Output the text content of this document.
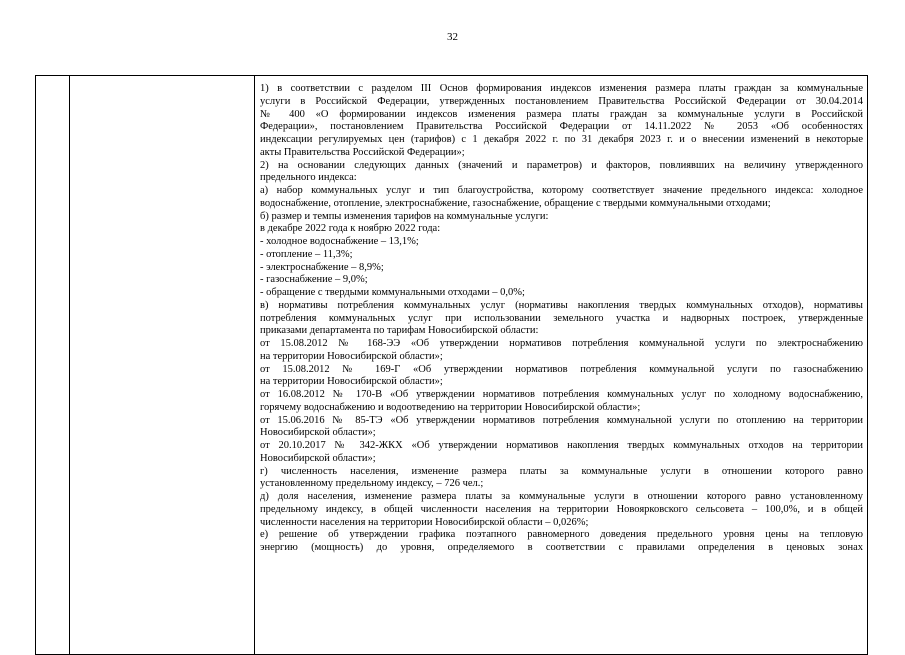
32
1) в соответствии с разделом III Основ формирования индексов изменения размера платы граждан за коммунальные
услуги в Российской Федерации, утвержденных постановлением Правительства Российской Федерации от 30.04.2014
№ 400 «О формировании индексов изменения размера платы граждан за коммунальные услуги в Российской
Федерации», постановлением Правительства Российской Федерации от 14.11.2022 № 2053 «Об особенностях
индексации регулируемых цен (тарифов) с 1 декабря 2022 г. по 31 декабря 2023 г. и о внесении изменений в некоторые
акты Правительства Российской Федерации»;
2) на основании следующих данных (значений и параметров) и факторов, повлиявших на величину утвержденного
предельного индекса:
а) набор коммунальных услуг и тип благоустройства, которому соответствует значение предельного индекса: холодное
водоснабжение, отопление, электроснабжение, газоснабжение, обращение с твердыми коммунальными отходами;
б) размер и темпы изменения тарифов на коммунальные услуги:
в декабре 2022 года к ноябрю 2022 года:
- холодное водоснабжение – 13,1%;
- отопление – 11,3%;
- электроснабжение – 8,9%;
- газоснабжение – 9,0%;
- обращение с твердыми коммунальными отходами – 0,0%;
в) нормативы потребления коммунальных услуг (нормативы накопления твердых коммунальных отходов), нормативы
потребления коммунальных услуг при использовании земельного участка и надворных построек, утвержденные
приказами департамента по тарифам Новосибирской области:
от 15.08.2012 № 168-ЭЭ «Об утверждении нормативов потребления коммунальной услуги по электроснабжению
на территории Новосибирской области»;
от 15.08.2012 № 169-Г «Об утверждении нормативов потребления коммунальной услуги по газоснабжению
на территории Новосибирской области»;
от 16.08.2012 № 170-В «Об утверждении нормативов потребления коммунальных услуг по холодному водоснабжению,
горячему водоснабжению и водоотведению на территории Новосибирской области»;
от 15.06.2016 № 85-ТЭ «Об утверждении нормативов потребления коммунальной услуги по отоплению на территории
Новосибирской области»;
от 20.10.2017 № 342-ЖКХ «Об утверждении нормативов накопления твердых коммунальных отходов на территории
Новосибирской области»;
г) численность населения, изменение размера платы за коммунальные услуги в отношении которого равно
установленному предельному индексу, – 726 чел.;
д) доля населения, изменение размера платы за коммунальные услуги в отношении которого равно установленному
предельному индексу, в общей численности населения на территории Новоярковского сельсовета – 100,0%, и в общей
численности населения на территории Новосибирской области – 0,026%;
е) решение об утверждении графика поэтапного равномерного доведения предельного уровня цены на тепловую
энергию (мощность) до уровня, определяемого в соответствии с правилами определения в ценовых зонах
